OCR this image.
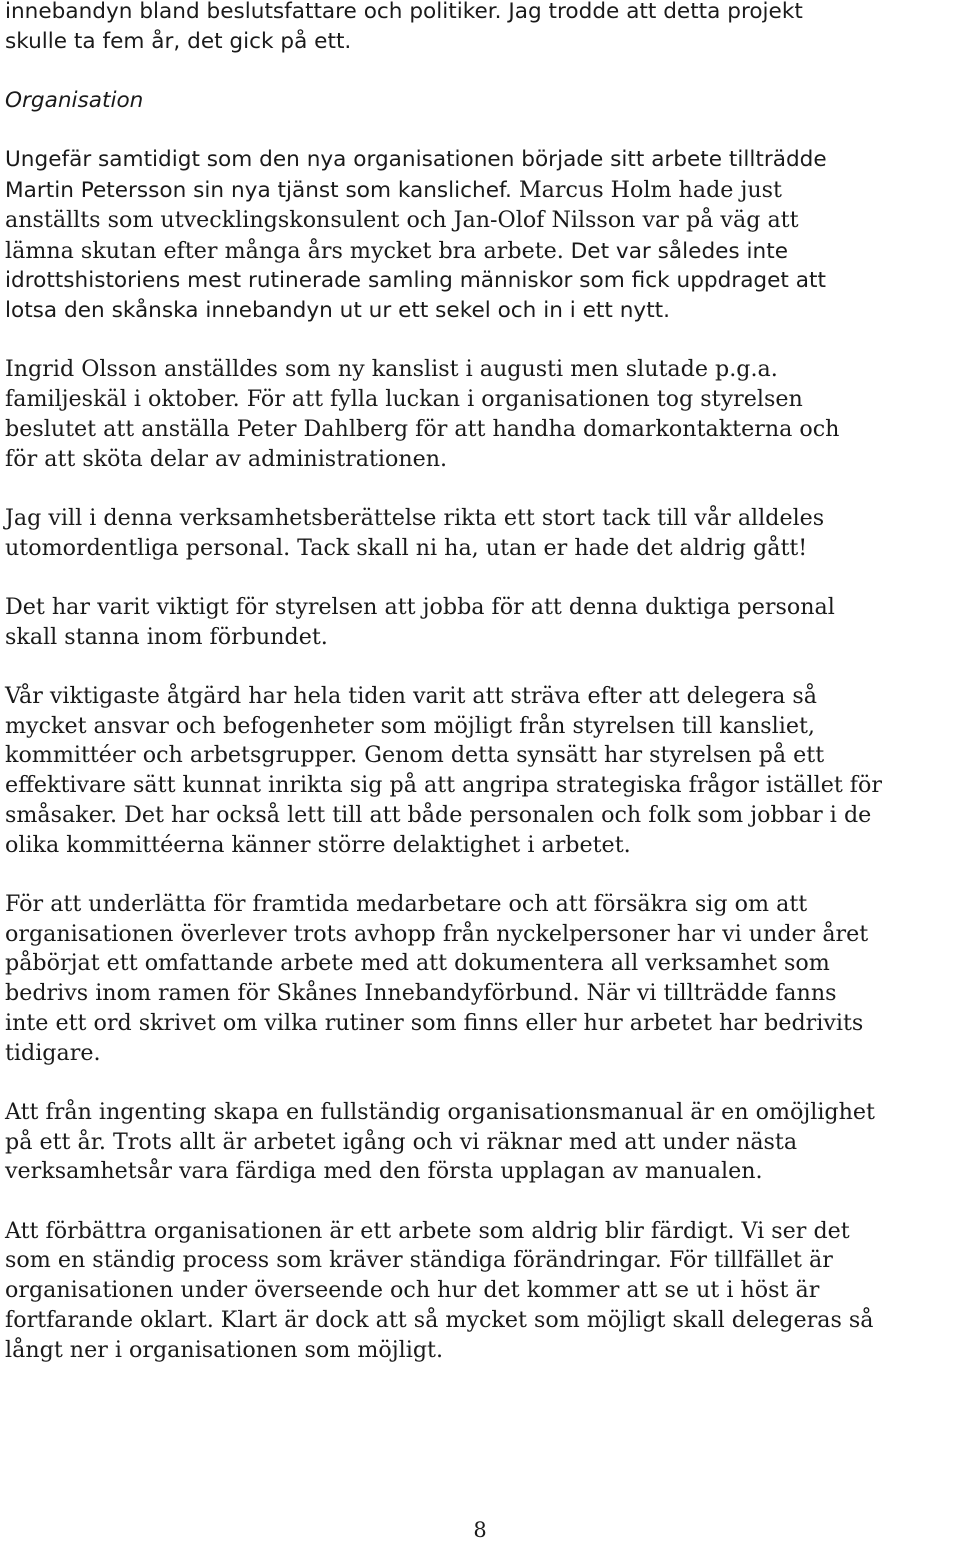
innebandyn bland beslutsfattare och politiker. Jag trodde att detta projekt
skulle ta fem år, det gick på ett.

Organisation

Ungefär samtidigt som den nya organisationen började sitt arbete tillträdde
Martin Petersson sin nya tjänst som kanslichef. Marcus Holm hade just
anställts som utvecklingskonsulent och Jan-Olof Nilsson var på väg att
lämna skutan efter många års mycket bra arbete. Det var således inte
idrottshistoriens mest rutinerade samling människor som fick uppdraget att
lotsa den skånska innebandyn ut ur ett sekel och in i ett nytt.

Ingrid Olsson anställdes som ny kanslist i augusti men slutade p.g.a.
familjeskäl i oktober. För att fylla luckan i organisationen tog styrelsen
beslutet att anställa Peter Dahlberg för att handha domarkontakterna och
för att sköta delar av administrationen.

Jag vill i denna verksamhetsberättelse rikta ett stort tack till vår alldeles
utomordentliga personal. Tack skall ni ha, utan er hade det aldrig gått!

Det har varit viktigt för styrelsen att jobba för att denna duktiga personal
skall stanna inom förbundet.

Vår viktigaste åtgärd har hela tiden varit att sträva efter att delegera så
mycket ansvar och befogenheter som möjligt från styrelsen till kansliet,
kommittéer och arbetsgrupper. Genom detta synsätt har styrelsen på ett
effektivare sätt kunnat inrikta sig på att angripa strategiska frågor istället för
småsaker. Det har också lett till att både personalen och folk som jobbar i de
olika kommittéerna känner större delaktighet i arbetet.

För att underlätta för framtida medarbetare och att försäkra sig om att
organisationen överlever trots avhopp från nyckelpersoner har vi under året
påbörjat ett omfattande arbete med att dokumentera all verksamhet som
bedrivs inom ramen för Skånes Innebandyförbund. När vi tillträdde fanns
inte ett ord skrivet om vilka rutiner som finns eller hur arbetet har bedrivits
tidigare.

Att från ingenting skapa en fullständig organisationsmanual är en omöjlighet
på ett år. Trots allt är arbetet igång och vi räknar med att under nästa
verksamhetsår vara färdiga med den första upplagan av manualen.

Att förbättra organisationen är ett arbete som aldrig blir färdigt. Vi ser det
som en ständig process som kräver ständiga förändringar. För tillfället är
organisationen under överseende och hur det kommer att se ut i höst är
fortfarande oklart. Klart är dock att så mycket som möjligt skall delegeras så
långt ner i organisationen som möjligt.

8
